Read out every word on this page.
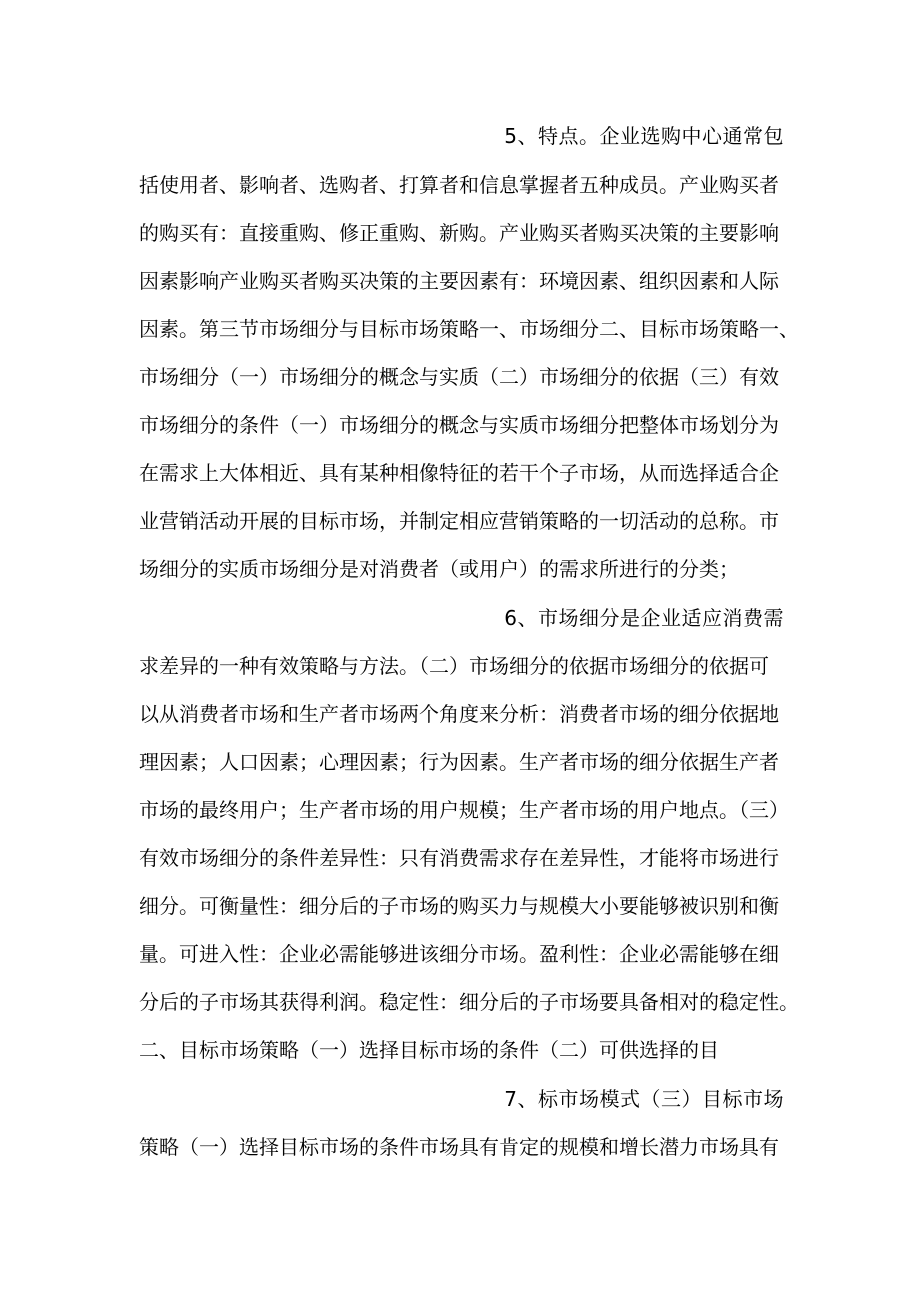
5、特点。企业选购中心通常包
括使用者、影响者、选购者、打算者和信息掌握者五种成员。产业购买者
的购买有：直接重购、修正重购、新购。产业购买者购买决策的主要影响
因素影响产业购买者购买决策的主要因素有：环境因素、组织因素和人际
因素。第三节市场细分与目标市场策略一、市场细分二、目标市场策略一、
市场细分（一）市场细分的概念与实质（二）市场细分的依据（三）有效
市场细分的条件（一）市场细分的概念与实质市场细分把整体市场划分为
在需求上大体相近、具有某种相像特征的若干个子市场，从而选择适合企
业营销活动开展的目标市场，并制定相应营销策略的一切活动的总称。市
场细分的实质市场细分是对消费者（或用户）的需求所进行的分类；
6、市场细分是企业适应消费需
求差异的一种有效策略与方法。（二）市场细分的依据市场细分的依据可
以从消费者市场和生产者市场两个角度来分析：消费者市场的细分依据地
理因素；人口因素；心理因素；行为因素。生产者市场的细分依据生产者
市场的最终用户；生产者市场的用户规模；生产者市场的用户地点。（三）
有效市场细分的条件差异性：只有消费需求存在差异性，才能将市场进行
细分。可衡量性：细分后的子市场的购买力与规模大小要能够被识别和衡
量。可进入性：企业必需能够进该细分市场。盈利性：企业必需能够在细
分后的子市场其获得利润。稳定性：细分后的子市场要具备相对的稳定性。
二、目标市场策略（一）选择目标市场的条件（二）可供选择的目
7、标市场模式（三）目标市场
策略（一）选择目标市场的条件市场具有肯定的规模和增长潜力市场具有
